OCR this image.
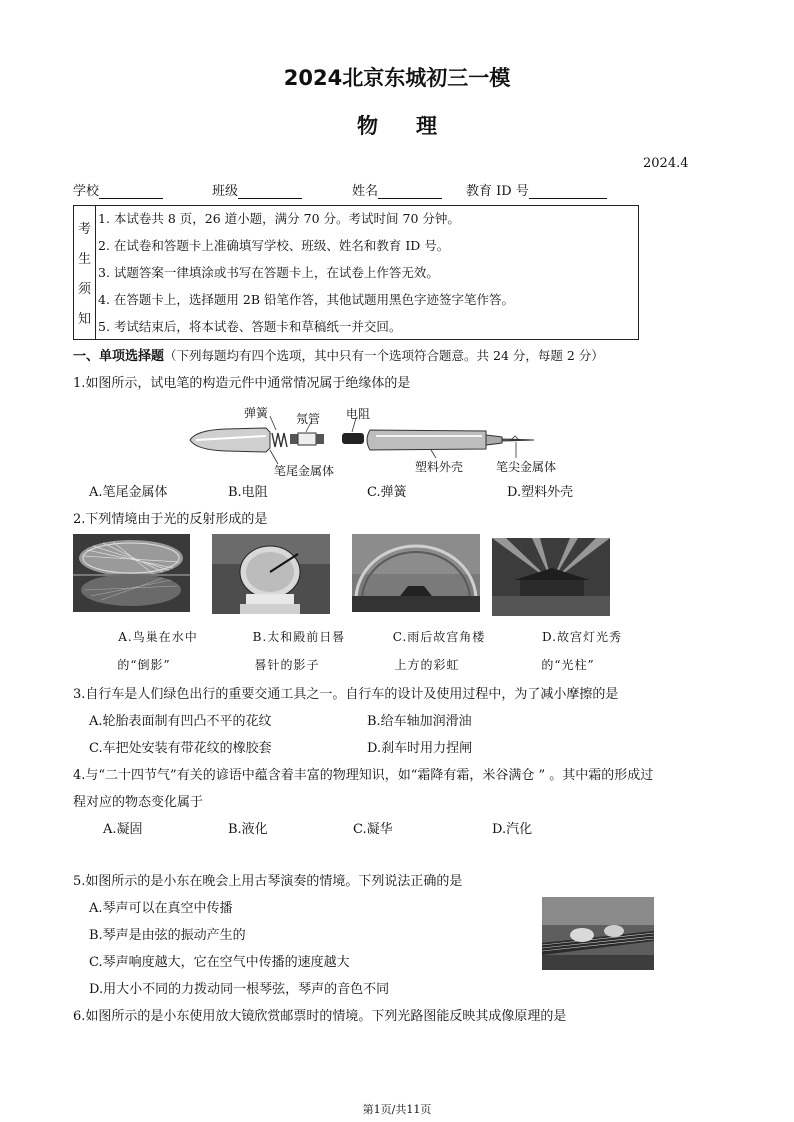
2024北京东城初三一模
物理
2024.4
学校	班级	姓名	教育 ID 号
考
生
须
知
1. 本试卷共 8 页，26 道小题，满分 70 分。考试时间 70 分钟。
2. 在试卷和答题卡上准确填写学校、班级、姓名和教育 ID 号。
3. 试题答案一律填涂或书写在答题卡上，在试卷上作答无效。
4. 在答题卡上，选择题用 2B 铅笔作答，其他试题用黑色字迹签字笔作答。
5. 考试结束后，将本试卷、答题卡和草稿纸一并交回。
一、单项选择题（下列每题均有四个选项，其中只有一个选项符合题意。共 24 分，每题 2 分）
1.如图所示，试电笔的构造元件中通常情况属于绝缘体的是
弹簧 氖管 电阻
笔尾金属体	塑料外壳	笔尖金属体
A.笔尾金属体	B.电阻	C.弹簧	D.塑料外壳
2.下列情境由于光的反射形成的是
A.鸟巢在水中
的“倒影”
B.太和殿前日晷
晷针的影子
C.雨后故宫角楼
上方的彩虹
D.故宫灯光秀
的“光柱”
3.自行车是人们绿色出行的重要交通工具之一。自行车的设计及使用过程中，为了减小摩擦的是
A.轮胎表面制有凹凸不平的花纹	B.给车轴加润滑油
C.车把处安装有带花纹的橡胶套	D.刹车时用力捏闸
4.与“二十四节气”有关的谚语中蕴含着丰富的物理知识，如“霜降有霜，米谷满仓 ” 。其中霜的形成过
程对应的物态变化属于
A.凝固	B.液化	C.凝华	D.汽化
5.如图所示的是小东在晚会上用古琴演奏的情境。下列说法正确的是
A.琴声可以在真空中传播
B.琴声是由弦的振动产生的
C.琴声响度越大，它在空气中传播的速度越大
D.用大小不同的力拨动同一根琴弦，琴声的音色不同
6.如图所示的是小东使用放大镜欣赏邮票时的情境。下列光路图能反映其成像原理的是
第1页/共11页
